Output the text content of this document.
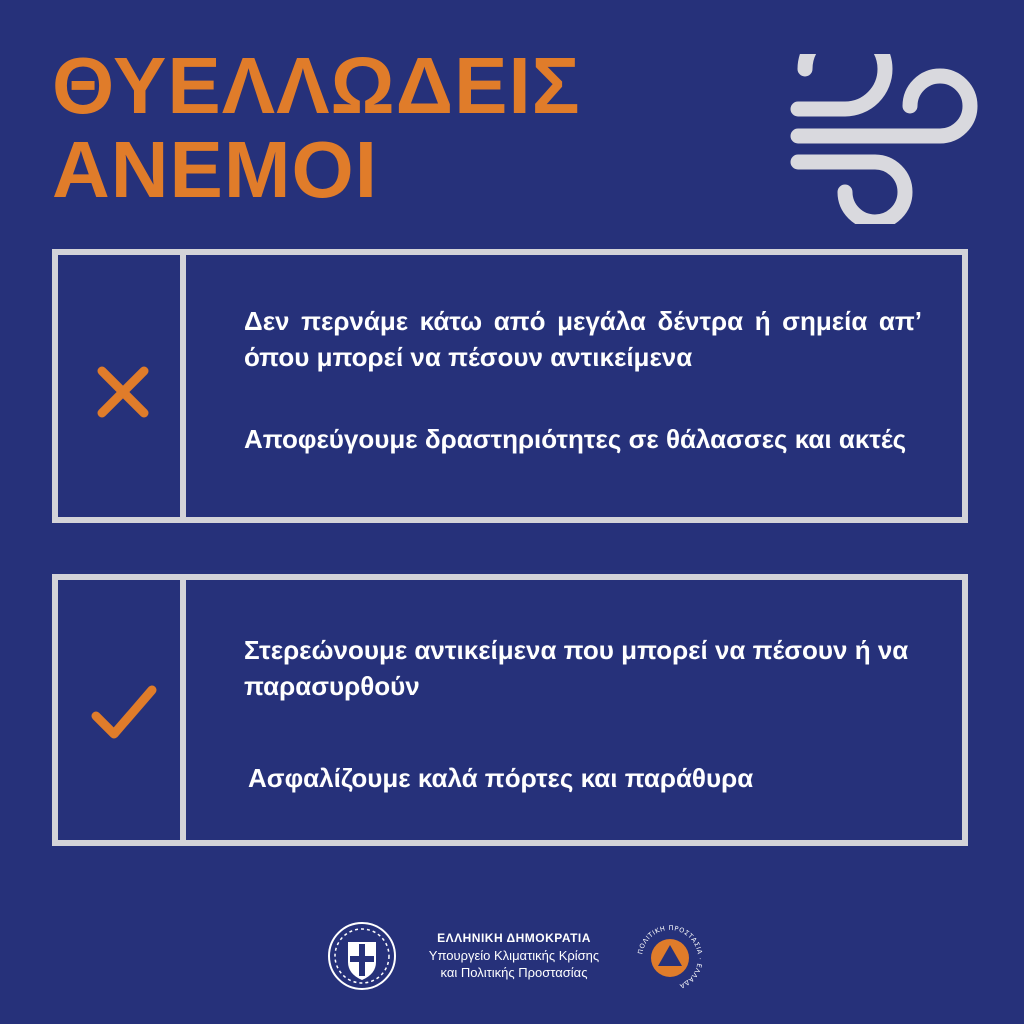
ΘΥΕΛΛΩΔΕΙΣ
ΑΝΕΜΟΙ
Δεν περνάμε κάτω από μεγάλα δέντρα ή σημεία απ’ όπου μπορεί να πέσουν αντικείμενα
Αποφεύγουμε δραστηριότητες σε θάλασσες και ακτές
Στερεώνουμε αντικείμενα που μπορεί να πέσουν ή να παρασυρθούν
Ασφαλίζουμε καλά πόρτες και παράθυρα
ΕΛΛΗΝΙΚΗ ΔΗΜΟΚΡΑΤΙΑ
Υπουργείο Κλιματικής Κρίσης
και Πολιτικής Προστασίας
ΠΟΛΙΤΙΚΗ ΠΡΟΣΤΑΣΙΑ · ΕΛΛΑΔΑ
